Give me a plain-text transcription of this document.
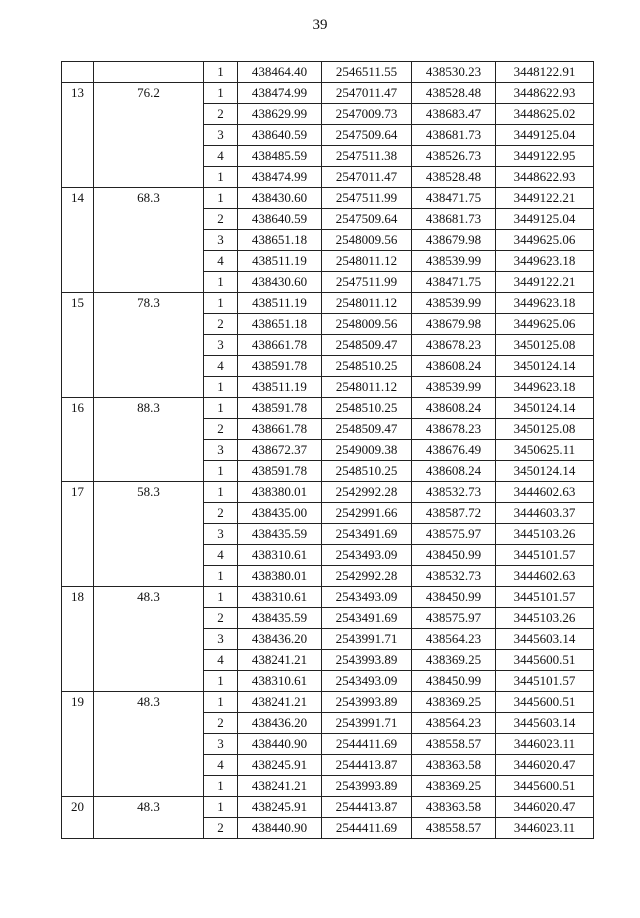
39
		1	438464.40	2546511.55	438530.23	3448122.91
13	76.2	1	438474.99	2547011.47	438528.48	3448622.93
		2	438629.99	2547009.73	438683.47	3448625.02
		3	438640.59	2547509.64	438681.73	3449125.04
		4	438485.59	2547511.38	438526.73	3449122.95
		1	438474.99	2547011.47	438528.48	3448622.93
14	68.3	1	438430.60	2547511.99	438471.75	3449122.21
		2	438640.59	2547509.64	438681.73	3449125.04
		3	438651.18	2548009.56	438679.98	3449625.06
		4	438511.19	2548011.12	438539.99	3449623.18
		1	438430.60	2547511.99	438471.75	3449122.21
15	78.3	1	438511.19	2548011.12	438539.99	3449623.18
		2	438651.18	2548009.56	438679.98	3449625.06
		3	438661.78	2548509.47	438678.23	3450125.08
		4	438591.78	2548510.25	438608.24	3450124.14
		1	438511.19	2548011.12	438539.99	3449623.18
16	88.3	1	438591.78	2548510.25	438608.24	3450124.14
		2	438661.78	2548509.47	438678.23	3450125.08
		3	438672.37	2549009.38	438676.49	3450625.11
		1	438591.78	2548510.25	438608.24	3450124.14
17	58.3	1	438380.01	2542992.28	438532.73	3444602.63
		2	438435.00	2542991.66	438587.72	3444603.37
		3	438435.59	2543491.69	438575.97	3445103.26
		4	438310.61	2543493.09	438450.99	3445101.57
		1	438380.01	2542992.28	438532.73	3444602.63
18	48.3	1	438310.61	2543493.09	438450.99	3445101.57
		2	438435.59	2543491.69	438575.97	3445103.26
		3	438436.20	2543991.71	438564.23	3445603.14
		4	438241.21	2543993.89	438369.25	3445600.51
		1	438310.61	2543493.09	438450.99	3445101.57
19	48.3	1	438241.21	2543993.89	438369.25	3445600.51
		2	438436.20	2543991.71	438564.23	3445603.14
		3	438440.90	2544411.69	438558.57	3446023.11
		4	438245.91	2544413.87	438363.58	3446020.47
		1	438241.21	2543993.89	438369.25	3445600.51
20	48.3	1	438245.91	2544413.87	438363.58	3446020.47
		2	438440.90	2544411.69	438558.57	3446023.11
